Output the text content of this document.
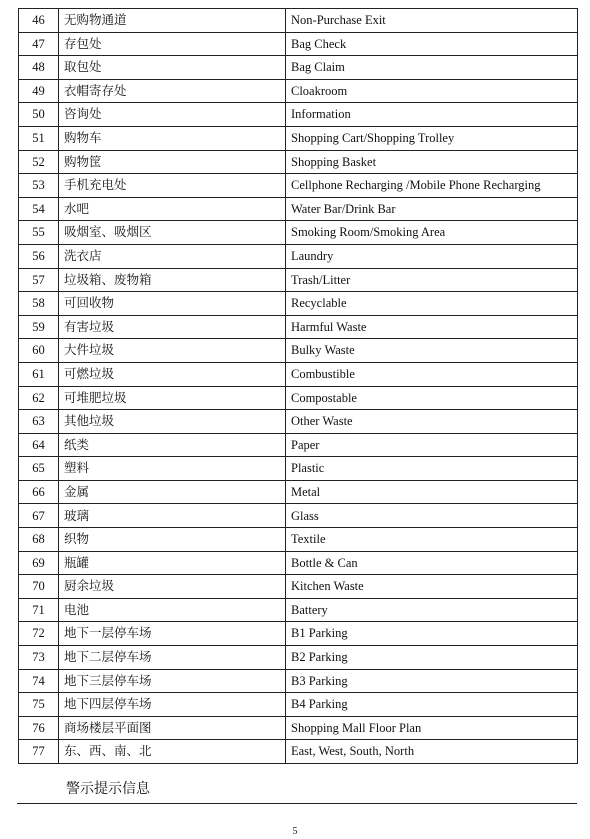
46	无购物通道	Non-Purchase Exit
47	存包处	Bag Check
48	取包处	Bag Claim
49	衣帽寄存处	Cloakroom
50	咨询处	Information
51	购物车	Shopping Cart/Shopping Trolley
52	购物筐	Shopping Basket
53	手机充电处	Cellphone Recharging /Mobile Phone Recharging
54	水吧	Water Bar/Drink Bar
55	吸烟室、吸烟区	Smoking Room/Smoking Area
56	洗衣店	Laundry
57	垃圾箱、废物箱	Trash/Litter
58	可回收物	Recyclable
59	有害垃圾	Harmful Waste
60	大件垃圾	Bulky Waste
61	可燃垃圾	Combustible
62	可堆肥垃圾	Compostable
63	其他垃圾	Other Waste
64	纸类	Paper
65	塑料	Plastic
66	金属	Metal
67	玻璃	Glass
68	织物	Textile
69	瓶罐	Bottle & Can
70	厨余垃圾	Kitchen Waste
71	电池	Battery
72	地下一层停车场	B1 Parking
73	地下二层停车场	B2 Parking
74	地下三层停车场	B3 Parking
75	地下四层停车场	B4 Parking
76	商场楼层平面图	Shopping Mall Floor Plan
77	东、西、南、北	East, West, South, North
警示提示信息
5
